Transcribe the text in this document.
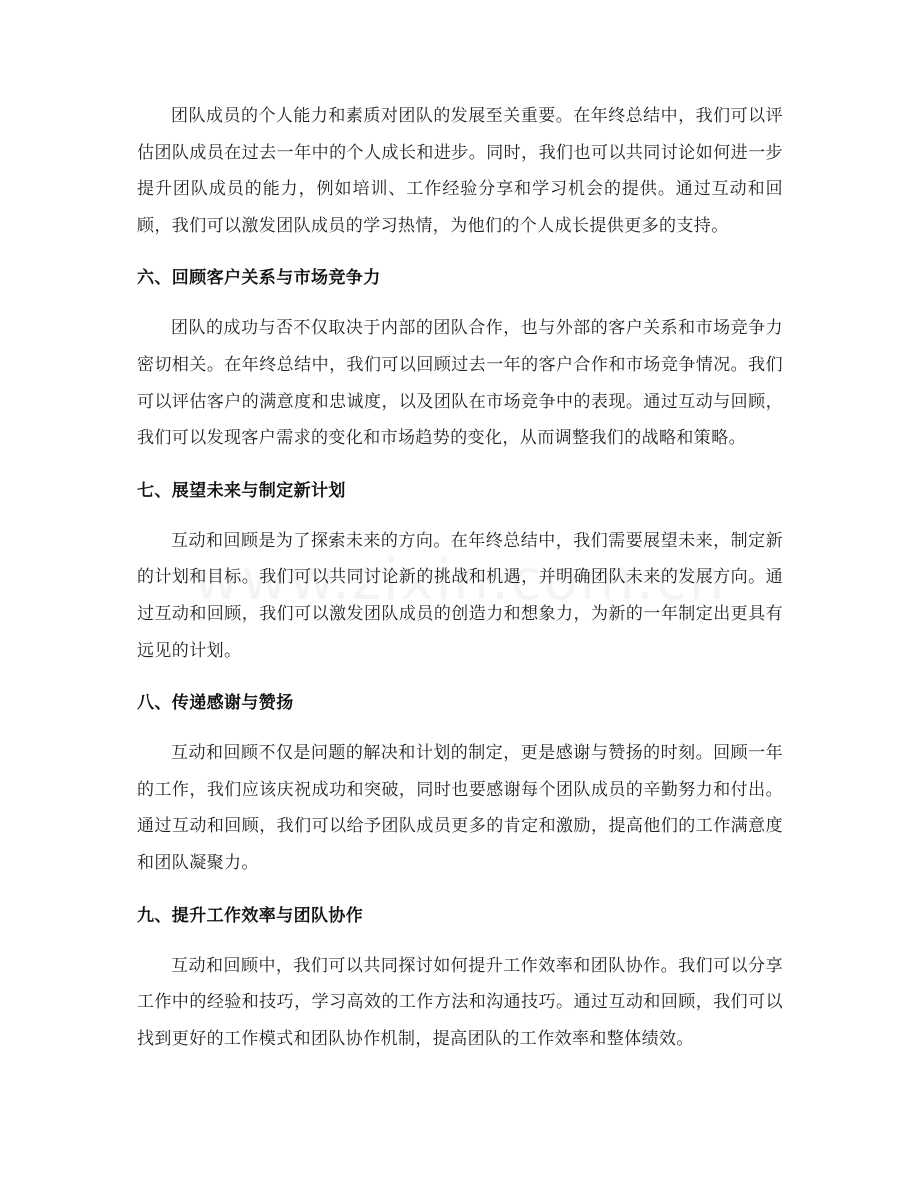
团队成员的个人能力和素质对团队的发展至关重要。在年终总结中，我们可以评估团队成员在过去一年中的个人成长和进步。同时，我们也可以共同讨论如何进一步提升团队成员的能力，例如培训、工作经验分享和学习机会的提供。通过互动和回顾，我们可以激发团队成员的学习热情，为他们的个人成长提供更多的支持。

六、回顾客户关系与市场竞争力

团队的成功与否不仅取决于内部的团队合作，也与外部的客户关系和市场竞争力密切相关。在年终总结中，我们可以回顾过去一年的客户合作和市场竞争情况。我们可以评估客户的满意度和忠诚度，以及团队在市场竞争中的表现。通过互动与回顾，我们可以发现客户需求的变化和市场趋势的变化，从而调整我们的战略和策略。

七、展望未来与制定新计划

互动和回顾是为了探索未来的方向。在年终总结中，我们需要展望未来，制定新的计划和目标。我们可以共同讨论新的挑战和机遇，并明确团队未来的发展方向。通过互动和回顾，我们可以激发团队成员的创造力和想象力，为新的一年制定出更具有远见的计划。

八、传递感谢与赞扬

互动和回顾不仅是问题的解决和计划的制定，更是感谢与赞扬的时刻。回顾一年的工作，我们应该庆祝成功和突破，同时也要感谢每个团队成员的辛勤努力和付出。通过互动和回顾，我们可以给予团队成员更多的肯定和激励，提高他们的工作满意度和团队凝聚力。

九、提升工作效率与团队协作

互动和回顾中，我们可以共同探讨如何提升工作效率和团队协作。我们可以分享工作中的经验和技巧，学习高效的工作方法和沟通技巧。通过互动和回顾，我们可以找到更好的工作模式和团队协作机制，提高团队的工作效率和整体绩效。
